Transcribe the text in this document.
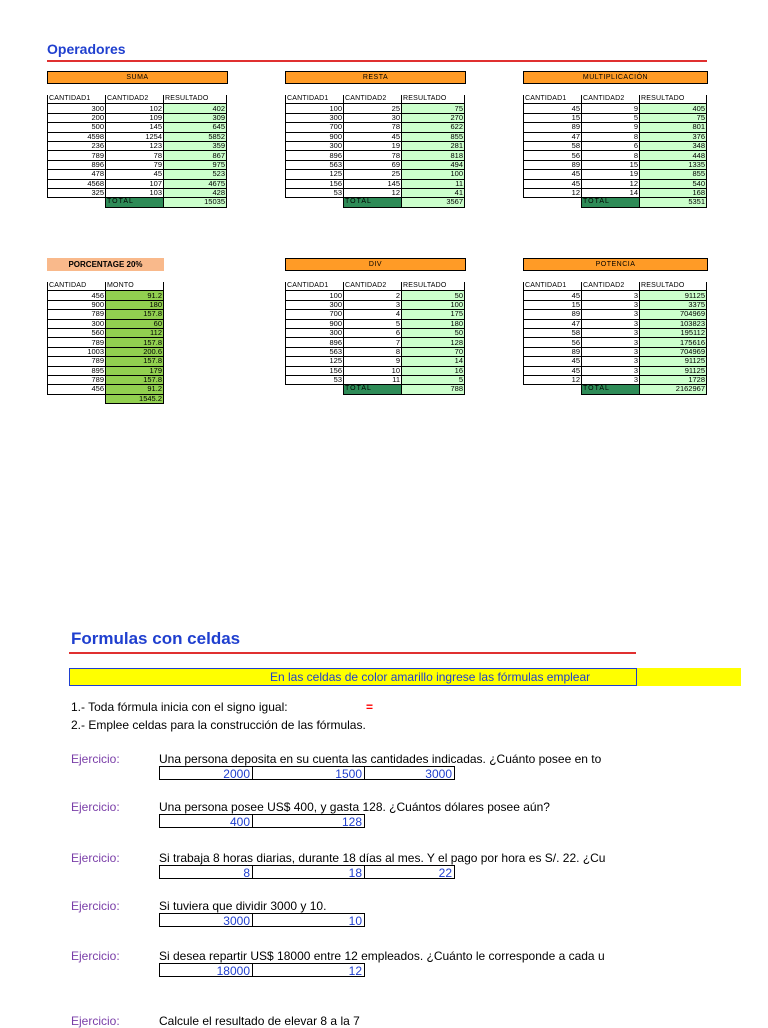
Operadores
SUMA
CANTIDAD1	CANTIDAD2	RESULTADO
300	102	402
200	109	309
500	145	645
4598	1254	5852
236	123	359
789	78	867
896	79	975
478	45	523
4568	107	4675
325	103	428
	TOTAL	15035
RESTA
CANTIDAD1	CANTIDAD2	RESULTADO
100	25	75
300	30	270
700	78	622
900	45	855
300	19	281
896	78	818
563	69	494
125	25	100
156	145	11
53	12	41
	TOTAL	3567
MULTIPLICACIÓN
CANTIDAD1	CANTIDAD2	RESULTADO
45	9	405
15	5	75
89	9	801
47	8	376
58	6	348
56	8	448
89	15	1335
45	19	855
45	12	540
12	14	168
	TOTAL	5351
PORCENTAGE 20%
CANTIDAD	MONTO
456	91.2
900	180
789	157.8
300	60
560	112
789	157.8
1003	200.6
789	157.8
895	179
789	157.8
456	91.2
	1545.2
DIV
CANTIDAD1	CANTIDAD2	RESULTADO
100	2	50
300	3	100
700	4	175
900	5	180
300	6	50
896	7	128
563	8	70
125	9	14
156	10	16
53	11	5
	TOTAL	788
POTENCIA
CANTIDAD1	CANTIDAD2	RESULTADO
45	3	91125
15	3	3375
89	3	704969
47	3	103823
58	3	195112
56	3	175616
89	3	704969
45	3	91125
45	3	91125
12	3	1728
	TOTAL	2162967
Formulas con celdas
En las celdas de color amarillo ingrese las fórmulas emplear
1.- Toda fórmula inicia con el signo igual:	=
2.- Emplee celdas para la construcción de las fórmulas.
Ejercicio:	Una persona deposita en su cuenta las cantidades indicadas. ¿Cuánto posee en to
2000	1500	3000
Ejercicio:	Una persona posee US$ 400, y gasta 128. ¿Cuántos dólares posee aún?
400	128
Ejercicio:	Si trabaja 8 horas diarias, durante 18 días al mes. Y el pago por hora es S/. 22. ¿Cu
8	18	22
Ejercicio:	Si tuviera que dividir 3000 y 10.
3000	10
Ejercicio:	Si desea repartir US$ 18000 entre 12 empleados. ¿Cuánto le corresponde a cada u
18000	12
Ejercicio:	Calcule el resultado de elevar 8 a la 7
